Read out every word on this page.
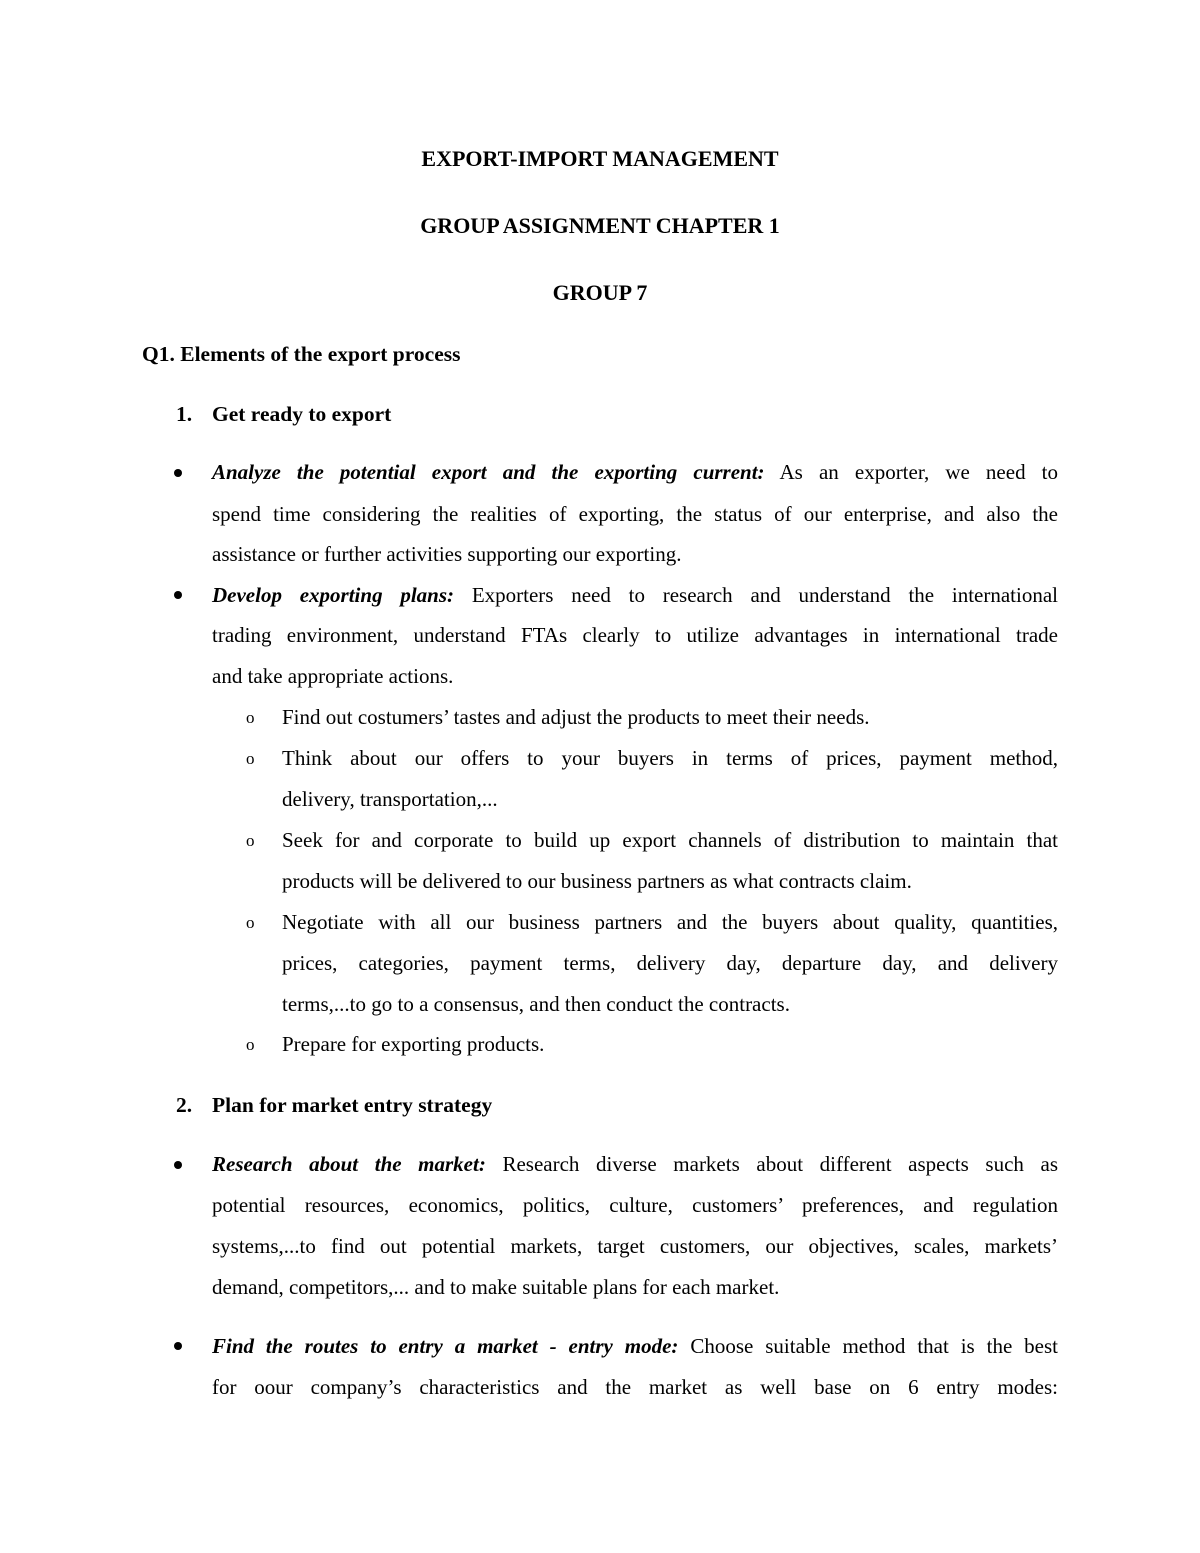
EXPORT-IMPORT MANAGEMENT
GROUP ASSIGNMENT CHAPTER 1
GROUP 7
Q1. Elements of the export process
1. Get ready to export
Analyze the potential export and the exporting current: As an exporter, we need to
spend time considering the realities of exporting, the status of our enterprise, and also the
assistance or further activities supporting our exporting.
Develop exporting plans: Exporters need to research and understand the international
trading environment, understand FTAs clearly to utilize advantages in international trade
and take appropriate actions.
o Find out costumers’ tastes and adjust the products to meet their needs.
o Think about our offers to your buyers in terms of prices, payment method,
delivery, transportation,...
o Seek for and corporate to build up export channels of distribution to maintain that
products will be delivered to our business partners as what contracts claim.
o Negotiate with all our business partners and the buyers about quality, quantities,
prices, categories, payment terms, delivery day, departure day, and delivery
terms,...to go to a consensus, and then conduct the contracts.
o Prepare for exporting products.
2. Plan for market entry strategy
Research about the market: Research diverse markets about different aspects such as
potential resources, economics, politics, culture, customers’ preferences, and regulation
systems,...to find out potential markets, target customers, our objectives, scales, markets’
demand, competitors,... and to make suitable plans for each market.
Find the routes to entry a market - entry mode: Choose suitable method that is the best
for oour company’s characteristics and the market as well base on 6 entry modes:
